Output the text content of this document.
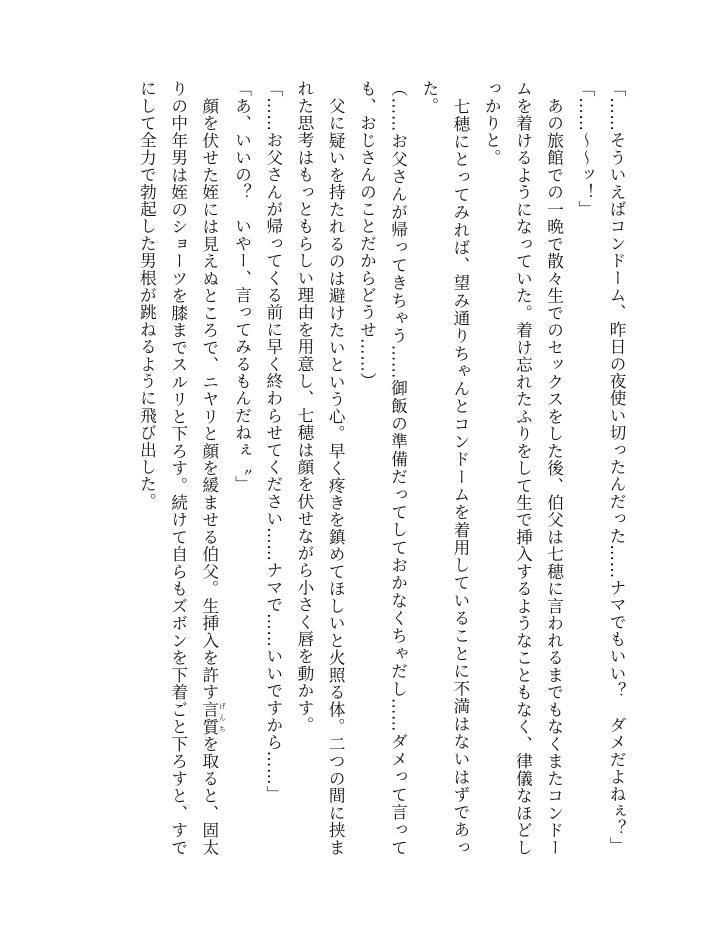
「……そういえばコンドーム、昨日の夜使い切ったんだった……ナマでもいい？　ダメだよねぇ？」

「……～～ッ！」

　あの旅館での一晩で散々生でのセックスをした後、伯父は七穂に言われるまでもなくまたコンドームを着けるようになっていた。着け忘れたふりをして生で挿入するようなこともなく、律儀なほどしっかりと。

　七穂にとってみれば、望み通りちゃんとコンドームを着用していることに不満はないはずであった。

（……お父さんが帰ってきちゃう……御飯の準備だってしておかなくちゃだし……ダメって言っても、おじさんのことだからどうせ……）

　父に疑いを持たれるのは避けたいという心。早く疼きを鎮めてほしいと火照る体。二つの間に挟まれた思考はもっともらしい理由を用意し、七穂は顔を伏せながら小さく唇を動かす。

「……お父さんが帰ってくる前に早く終わらせてください……ナマで……いいですから……」

「あ、いいの？　いやー、言ってみるもんだねぇ〝」

　顔を伏せた姪には見えぬところで、ニヤリと顔を緩ませる伯父。生挿入を許す言質 げんちを取ると、固太りの中年男は姪のショーツを膝までスルリと下ろす。続けて自らもズボンを下着ごと下ろすと、すでにして全力で勃起した男根が跳ねるように飛び出した。
